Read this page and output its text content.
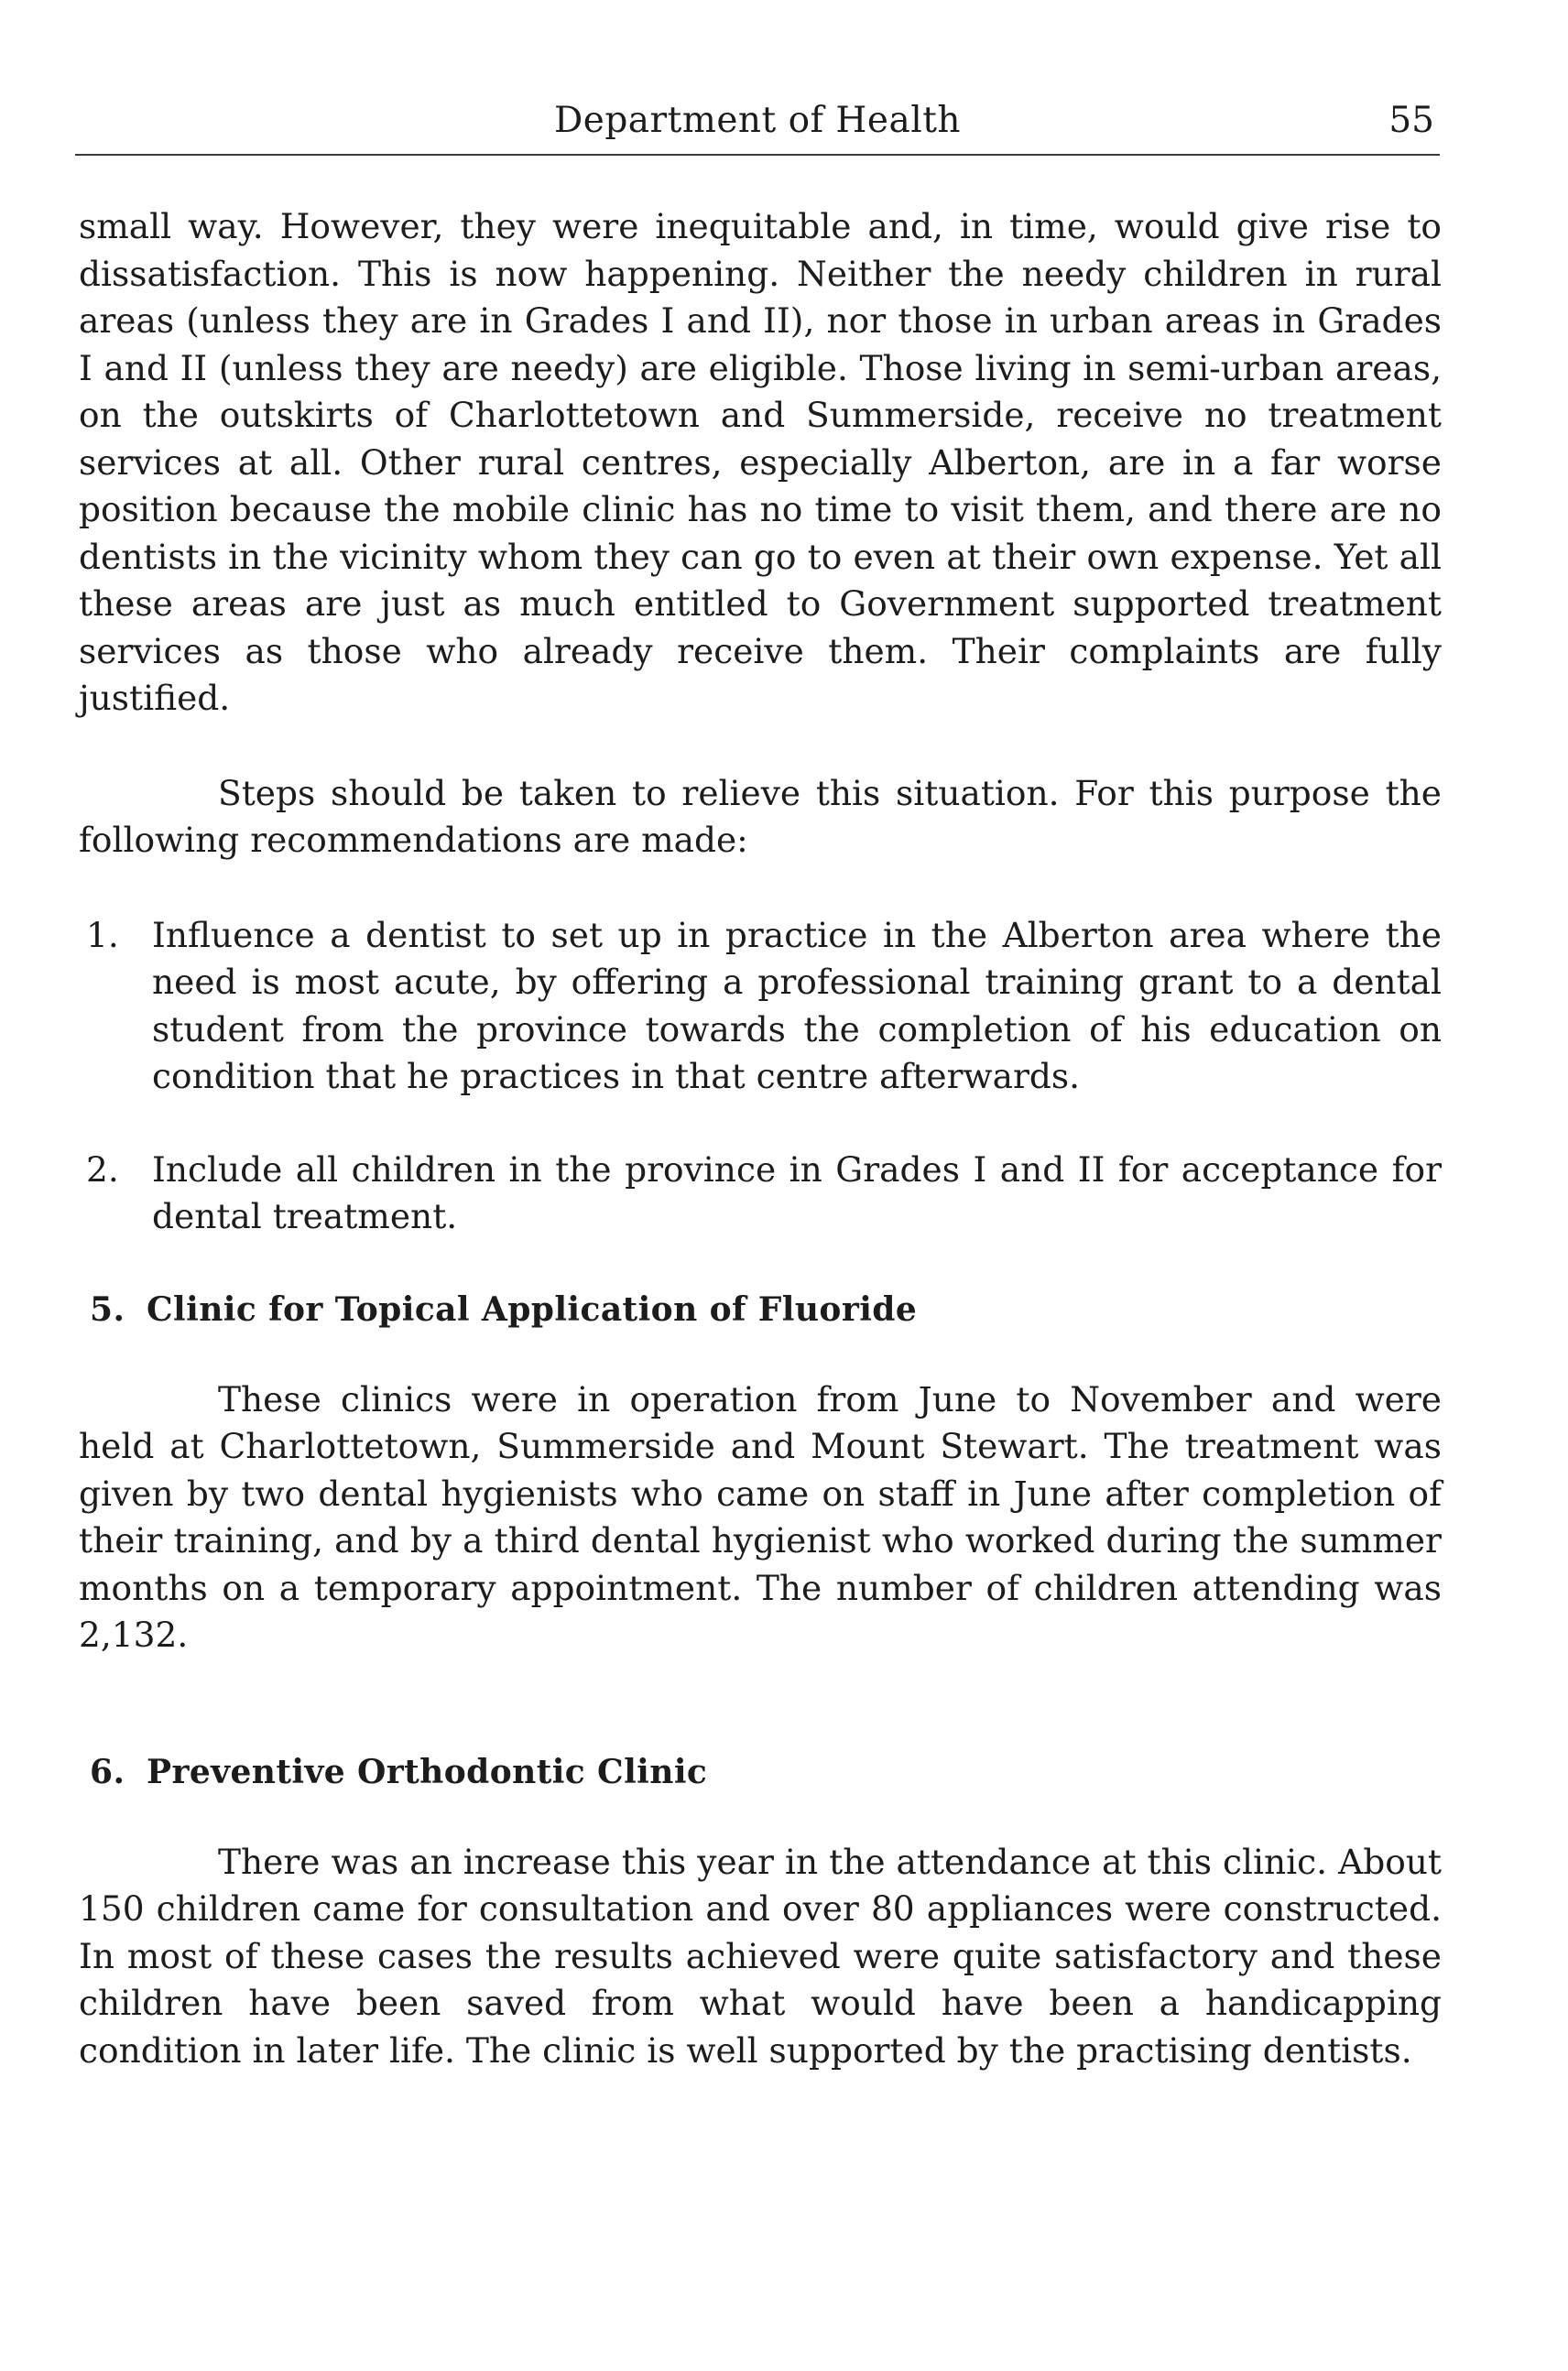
Department of Health	55

small way. However, they were inequitable and, in time, would give rise to dissatisfaction. This is now happening. Neither the needy children in rural areas (unless they are in Grades I and II), nor those in urban areas in Grades I and II (unless they are needy) are eligible. Those living in semi-urban areas, on the outskirts of Charlottetown and Summerside, receive no treatment services at all. Other rural centres, especially Alberton, are in a far worse position because the mobile clinic has no time to visit them, and there are no dentists in the vicinity whom they can go to even at their own expense. Yet all these areas are just as much entitled to Government supported treatment services as those who already receive them. Their complaints are fully justified.

Steps should be taken to relieve this situation. For this purpose the following recommendations are made:

1. Influence a dentist to set up in practice in the Alberton area where the need is most acute, by offering a professional training grant to a dental student from the province towards the completion of his education on condition that he practices in that centre afterwards.
2. Include all children in the province in Grades I and II for acceptance for dental treatment.
5. Clinic for Topical Application of Fluoride

These clinics were in operation from June to November and were held at Charlottetown, Summerside and Mount Stewart. The treatment was given by two dental hygienists who came on staff in June after completion of their training, and by a third dental hygienist who worked during the summer months on a temporary appointment. The number of children attending was 2,132.

6. Preventive Orthodontic Clinic

There was an increase this year in the attendance at this clinic. About 150 children came for consultation and over 80 appliances were constructed. In most of these cases the results achieved were quite satisfactory and these children have been saved from what would have been a handicapping condition in later life. The clinic is well supported by the practising dentists.
